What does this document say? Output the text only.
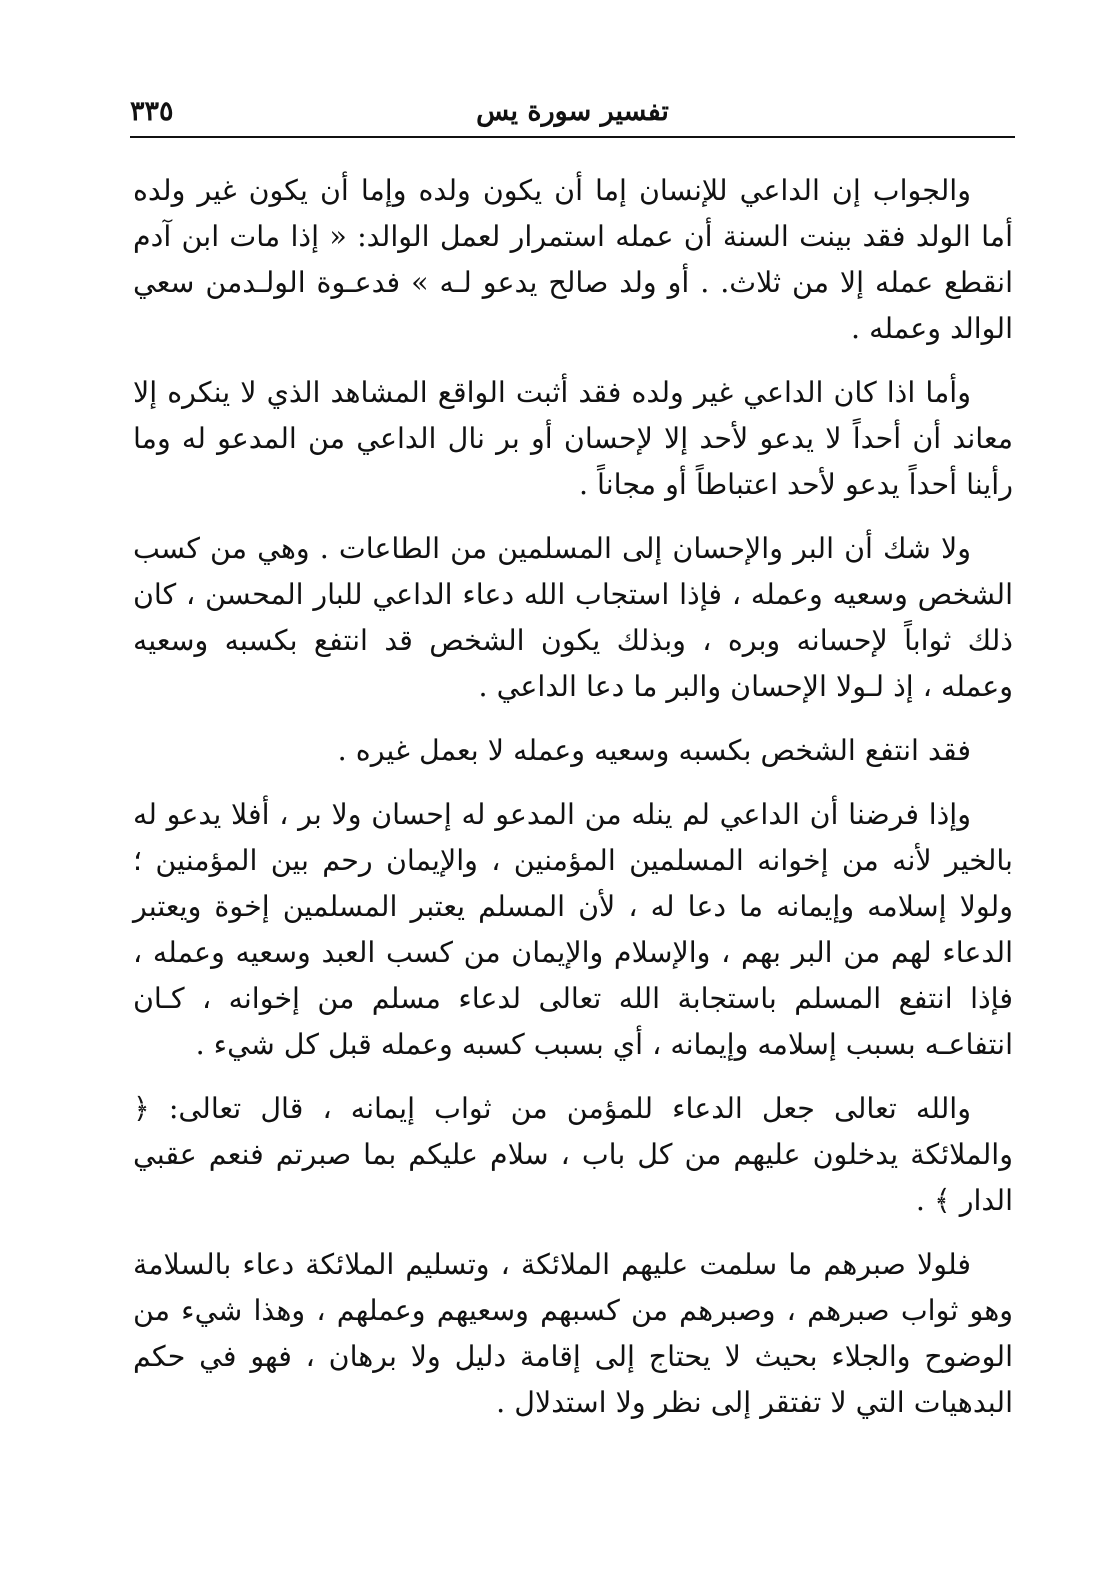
تفسير سورة يس
٣٣٥

والجواب إن الداعي للإنسان إما أن يكون ولده وإما أن يكون غير ولده أما الولد فقد بينت السنة أن عمله استمرار لعمل الوالد: « إذا مات ابن آدم انقطع عمله إلا من ثلاث. . أو ولد صالح يدعو لـه » فدعـوة الولـدمن سعي الوالد وعمله .

وأما اذا كان الداعي غير ولده فقد أثبت الواقع المشاهد الذي لا ينكره إلا معاند أن أحداً لا يدعو لأحد إلا لإحسان أو بر نال الداعي من المدعو له وما رأينا أحداً يدعو لأحد اعتباطاً أو مجاناً .

ولا شك أن البر والإحسان إلى المسلمين من الطاعات . وهي من كسب الشخص وسعيه وعمله ، فإذا استجاب الله دعاء الداعي للبار المحسن ، كان ذلك ثواباً لإحسانه وبره ، وبذلك يكون الشخص قد انتفع بكسبه وسعيه وعمله ، إذ لـولا الإحسان والبر ما دعا الداعي .

فقد انتفع الشخص بكسبه وسعيه وعمله لا بعمل غيره .

وإذا فرضنا أن الداعي لم ينله من المدعو له إحسان ولا بر ، أفلا يدعو له بالخير لأنه من إخوانه المسلمين المؤمنين ، والإيمان رحم بين المؤمنين ؛ ولولا إسلامه وإيمانه ما دعا له ، لأن المسلم يعتبر المسلمين إخوة ويعتبر الدعاء لهم من البر بهم ، والإسلام والإيمان من كسب العبد وسعيه وعمله ، فإذا انتفع المسلم باستجابة الله تعالى لدعاء مسلم من إخوانه ، كـان انتفاعـه بسبب إسلامه وإيمانه ، أي بسبب كسبه وعمله قبل كل شيء .

والله تعالى جعل الدعاء للمؤمن من ثواب إيمانه ، قال تعالى: ﴿ والملائكة يدخلون عليهم من كل باب ، سلام عليكم بما صبرتم فنعم عقبي الدار ﴾ .

فلولا صبرهم ما سلمت عليهم الملائكة ، وتسليم الملائكة دعاء بالسلامة وهو ثواب صبرهم ، وصبرهم من كسبهم وسعيهم وعملهم ، وهذا شيء من الوضوح والجلاء بحيث لا يحتاج إلى إقامة دليل ولا برهان ، فهو في حكم البدهيات التي لا تفتقر إلى نظر ولا استدلال .
